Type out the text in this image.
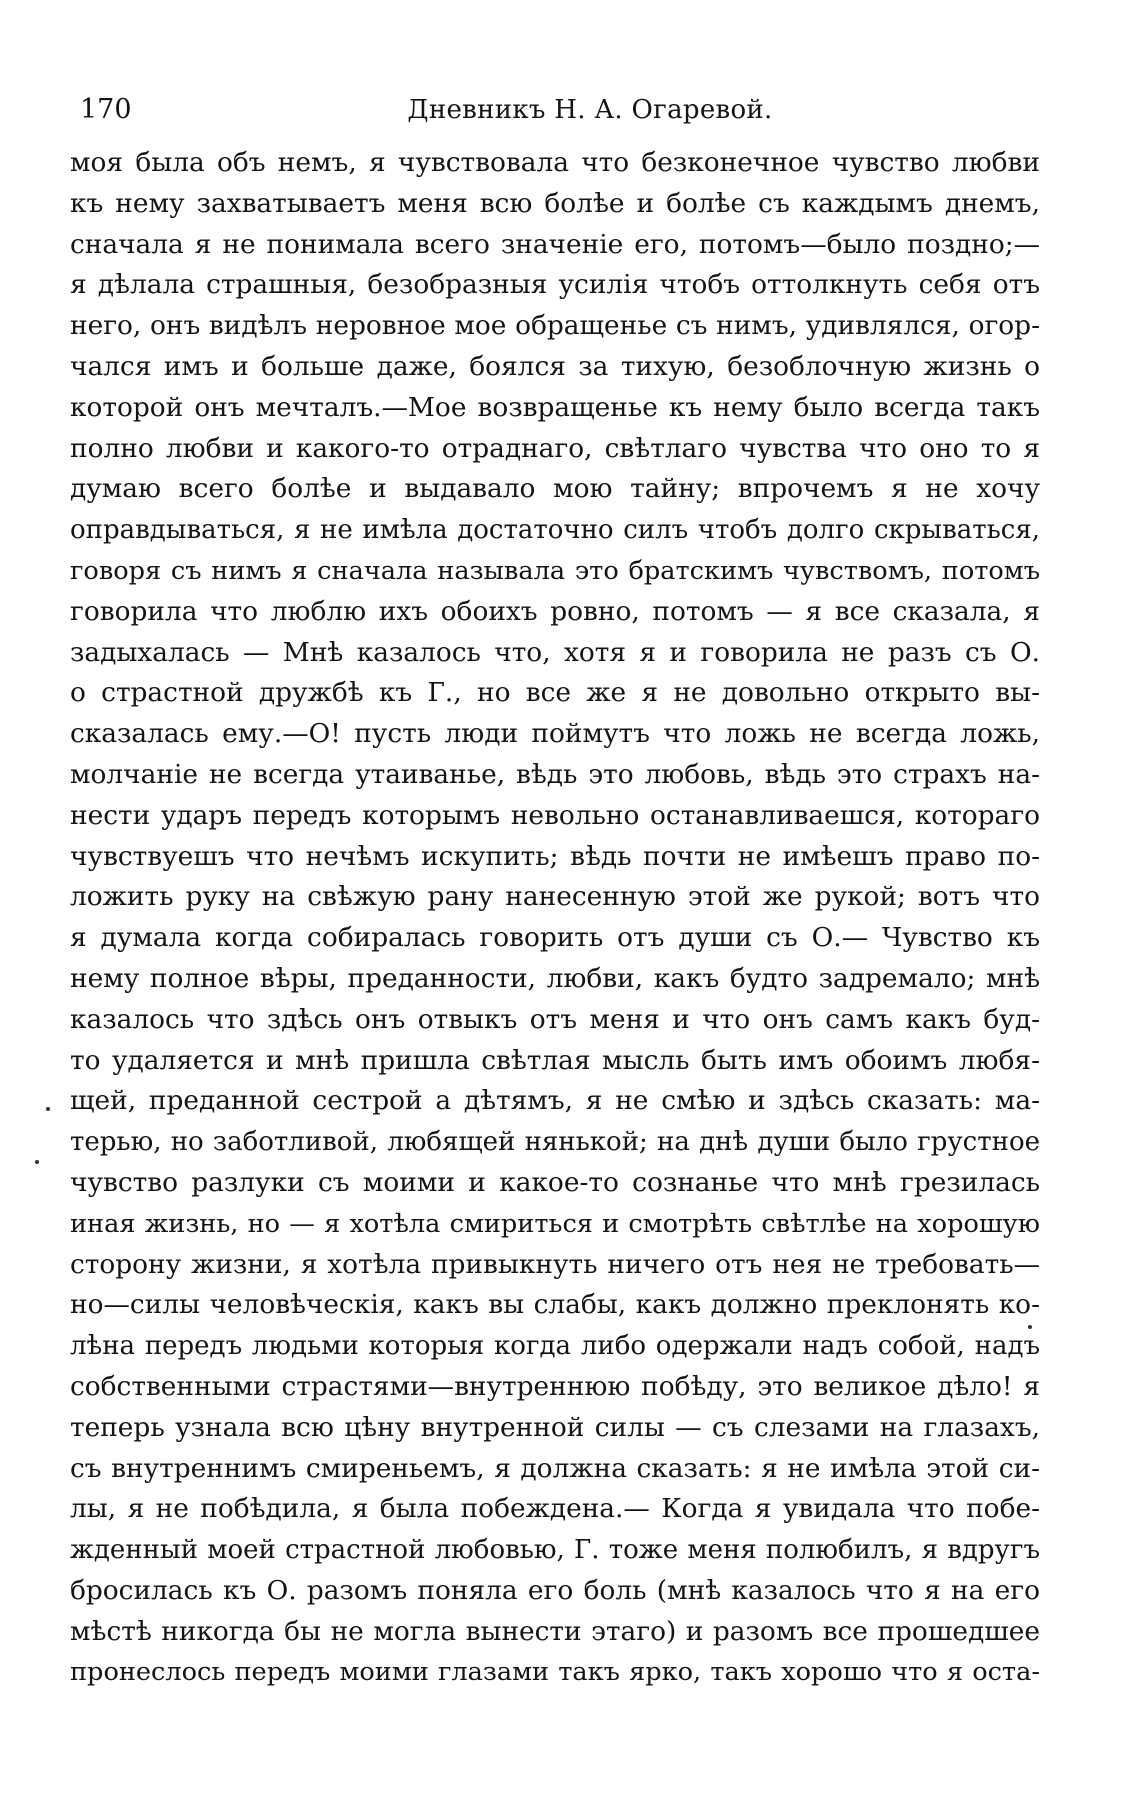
170	Дневникъ Н. А. Огаревой.
моя была объ немъ, я чувствовала что безконечное чувство любви
къ нему захватываетъ меня всю болѣе и болѣе съ каждымъ днемъ,
сначала я не понимала всего значенiе его, потомъ—было поздно;—
я дѣлала страшныя, безобразныя усилiя чтобъ оттолкнуть себя отъ
него, онъ видѣлъ неровное мое обращенье съ нимъ, удивлялся, огор-
чался имъ и больше даже, боялся за тихую, безоблочную жизнь о
которой онъ мечталъ.—Мое возвращенье къ нему было всегда такъ
полно любви и какого-то отраднаго, свѣтлаго чувства что оно то я
думаю всего болѣе и выдавало мою тайну; впрочемъ я не хочу
оправдываться, я не имѣла достаточно силъ чтобъ долго скрываться,
говоря съ нимъ я сначала называла это братскимъ чувствомъ, потомъ
говорила что люблю ихъ обоихъ ровно, потомъ — я все сказала, я
задыхалась — Мнѣ казалось что, хотя я и говорила не разъ съ О.
о страстной дружбѣ къ Г., но все же я не довольно открыто вы-
сказалась ему.—О! пусть люди поймутъ что ложь не всегда ложь,
молчанiе не всегда утаиванье, вѣдь это любовь, вѣдь это страхъ на-
нести ударъ передъ которымъ невольно останавливаешся, котораго
чувствуешъ что нечѣмъ искупить; вѣдь почти не имѣешъ право по-
ложить руку на свѣжую рану нанесенную этой же рукой; вотъ что
я думала когда собиралась говорить отъ души съ О.— Чувство къ
нему полное вѣры, преданности, любви, какъ будто задремало; мнѣ
казалось что здѣсь онъ отвыкъ отъ меня и что онъ самъ какъ буд-
то удаляется и мнѣ пришла свѣтлая мысль быть имъ обоимъ любя-
щей, преданной сестрой а дѣтямъ, я не смѣю и здѣсь сказать: ма-
терью, но заботливой, любящей нянькой; на днѣ души было грустное
чувство разлуки съ моими и какое-то сознанье что мнѣ грезилась
иная жизнь, но — я хотѣла смириться и смотрѣть свѣтлѣе на хорошую
сторону жизни, я хотѣла привыкнуть ничего отъ нея не требовать—
но—силы человѣческiя, какъ вы слабы, какъ должно преклонять ко-
лѣна передъ людьми которыя когда либо одержали надъ собой, надъ
собственными страстями—внутреннюю побѣду, это великое дѣло! я
теперь узнала всю цѣну внутренной силы — съ слезами на глазахъ,
съ внутреннимъ смиреньемъ, я должна сказать: я не имѣла этой си-
лы, я не побѣдила, я была побеждена.— Когда я увидала что побе-
жденный моей страстной любовью, Г. тоже меня полюбилъ, я вдругъ
бросилась къ О. разомъ поняла его боль (мнѣ казалось что я на его
мѣстѣ никогда бы не могла вынести этаго) и разомъ все прошедшее
пронеслось передъ моими глазами такъ ярко, такъ хорошо что я оста-
